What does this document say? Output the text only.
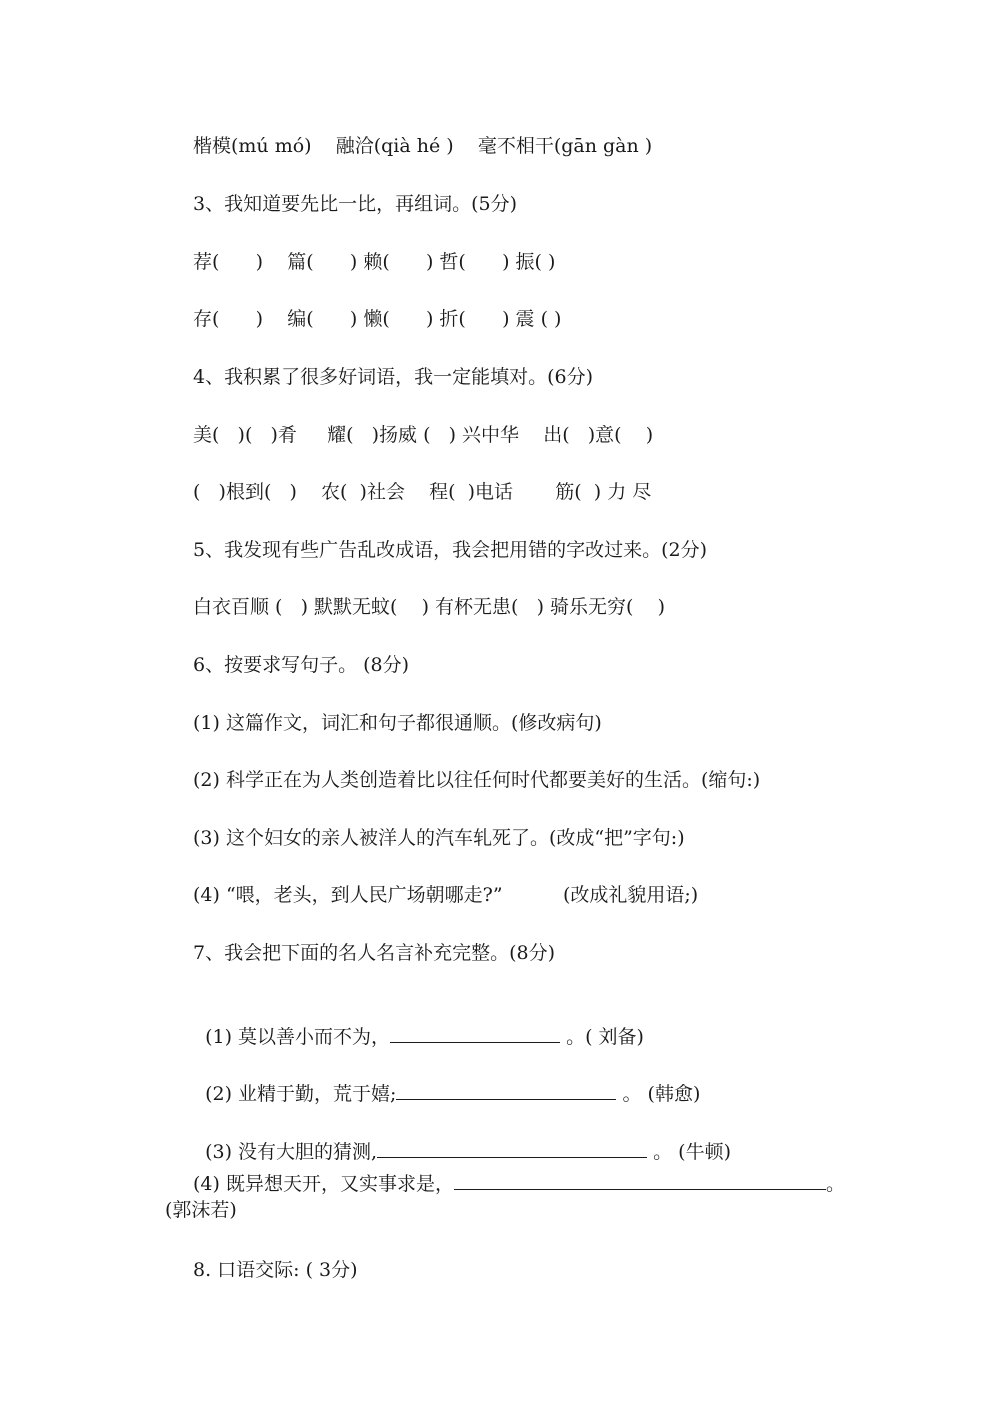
楷模(mú mó)    融洽(qià hé )    毫不相干(gān gàn )
3、我知道要先比一比，再组词。(5分)
荐(      )    篇(      ) 赖(      ) 哲(      ) 振( )
存(      )    编(      ) 懒(      ) 折(      ) 震 ( )
4、我积累了很多好词语，我一定能填对。(6分)
美(   )(   )肴     耀(   )扬威 (   ) 兴中华    出(   )意(    )
(   )根到(   )    农(  )社会    程(  )电话       筋(  ) 力 尽
5、我发现有些广告乱改成语，我会把用错的字改过来。(2分)
白衣百顺 (   ) 默默无蚊(    ) 有杯无患(   ) 骑乐无穷(    )
6、按要求写句子。 (8分)
(1) 这篇作文，词汇和句子都很通顺。(修改病句)
(2) 科学正在为人类创造着比以往任何时代都要美好的生活。(缩句:)
(3) 这个妇女的亲人被洋人的汽车轧死了。(改成“把”字句:)
(4) “喂，老头，到人民广场朝哪走?”          (改成礼貌用语;)
7、我会把下面的名人名言补充完整。(8分)

(1) 莫以善小而不为，	。( 刘备)

(2) 业精于勤，荒于嬉;	。 (韩愈)

(3) 没有大胆的猜测,	。 (牛顿)

(4) 既异想天开，又实事求是，	。
(郭沫若)
8. 口语交际: ( 3分)
